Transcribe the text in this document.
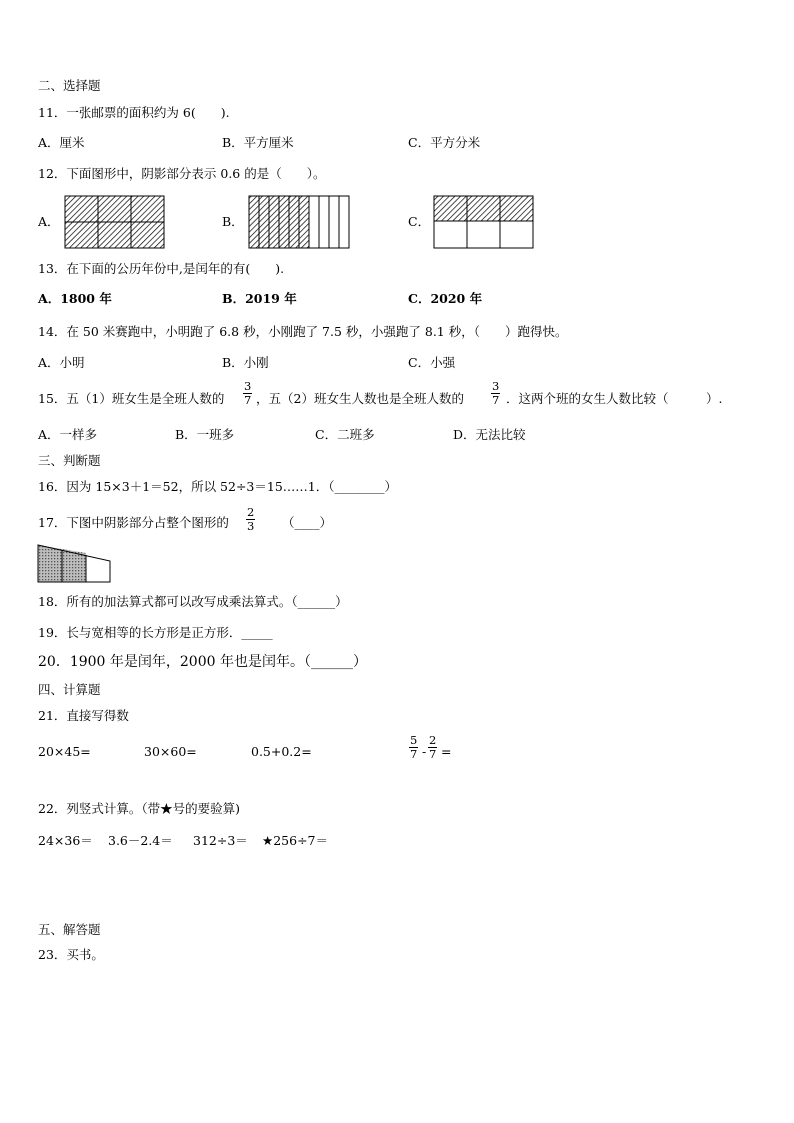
二、选择题
11．一张邮票的面积约为 6(　　).
A．厘米	B．平方厘米	C．平方分米
12．下面图形中，阴影部分表示 0.6 的是（　　）。
A．	B．	C．
13．在下面的公历年份中,是闰年的有(　　).
A．1800 年	B．2019 年	C．2020 年
14．在 50 米赛跑中，小明跑了 6.8 秒，小刚跑了 7.5 秒，小强跑了 8.1 秒，（　　）跑得快。
A．小明	B．小刚	C．小强
15．五（1）班女生是全班人数的 $\frac{3}{7}$ ，五（2）班女生人数也是全班人数的 $\frac{3}{7}$ ．这两个班的女生人数比较（　　　）.
A．一样多	B．一班多	C．二班多	D．无法比较
三、判断题
16．因为 15×3＋1＝52，所以 52÷3＝15……1．（________）
17．下图中阴影部分占整个图形的 $\frac{2}{3}$ （____）
18．所有的加法算式都可以改写成乘法算式。（______）
19．长与宽相等的长方形是正方形．_____
20．1900 年是闰年，2000 年也是闰年。（______）
四、计算题
21．直接写得数
20×45=	30×60=	0.5+0.2=	$\frac{5}{7} - \frac{2}{7}$ =
22．列竖式计算。（带★号的要验算)
24×36＝ 3.6－2.4＝ 312÷3＝ ★256÷7＝
五、解答题
23．买书。
